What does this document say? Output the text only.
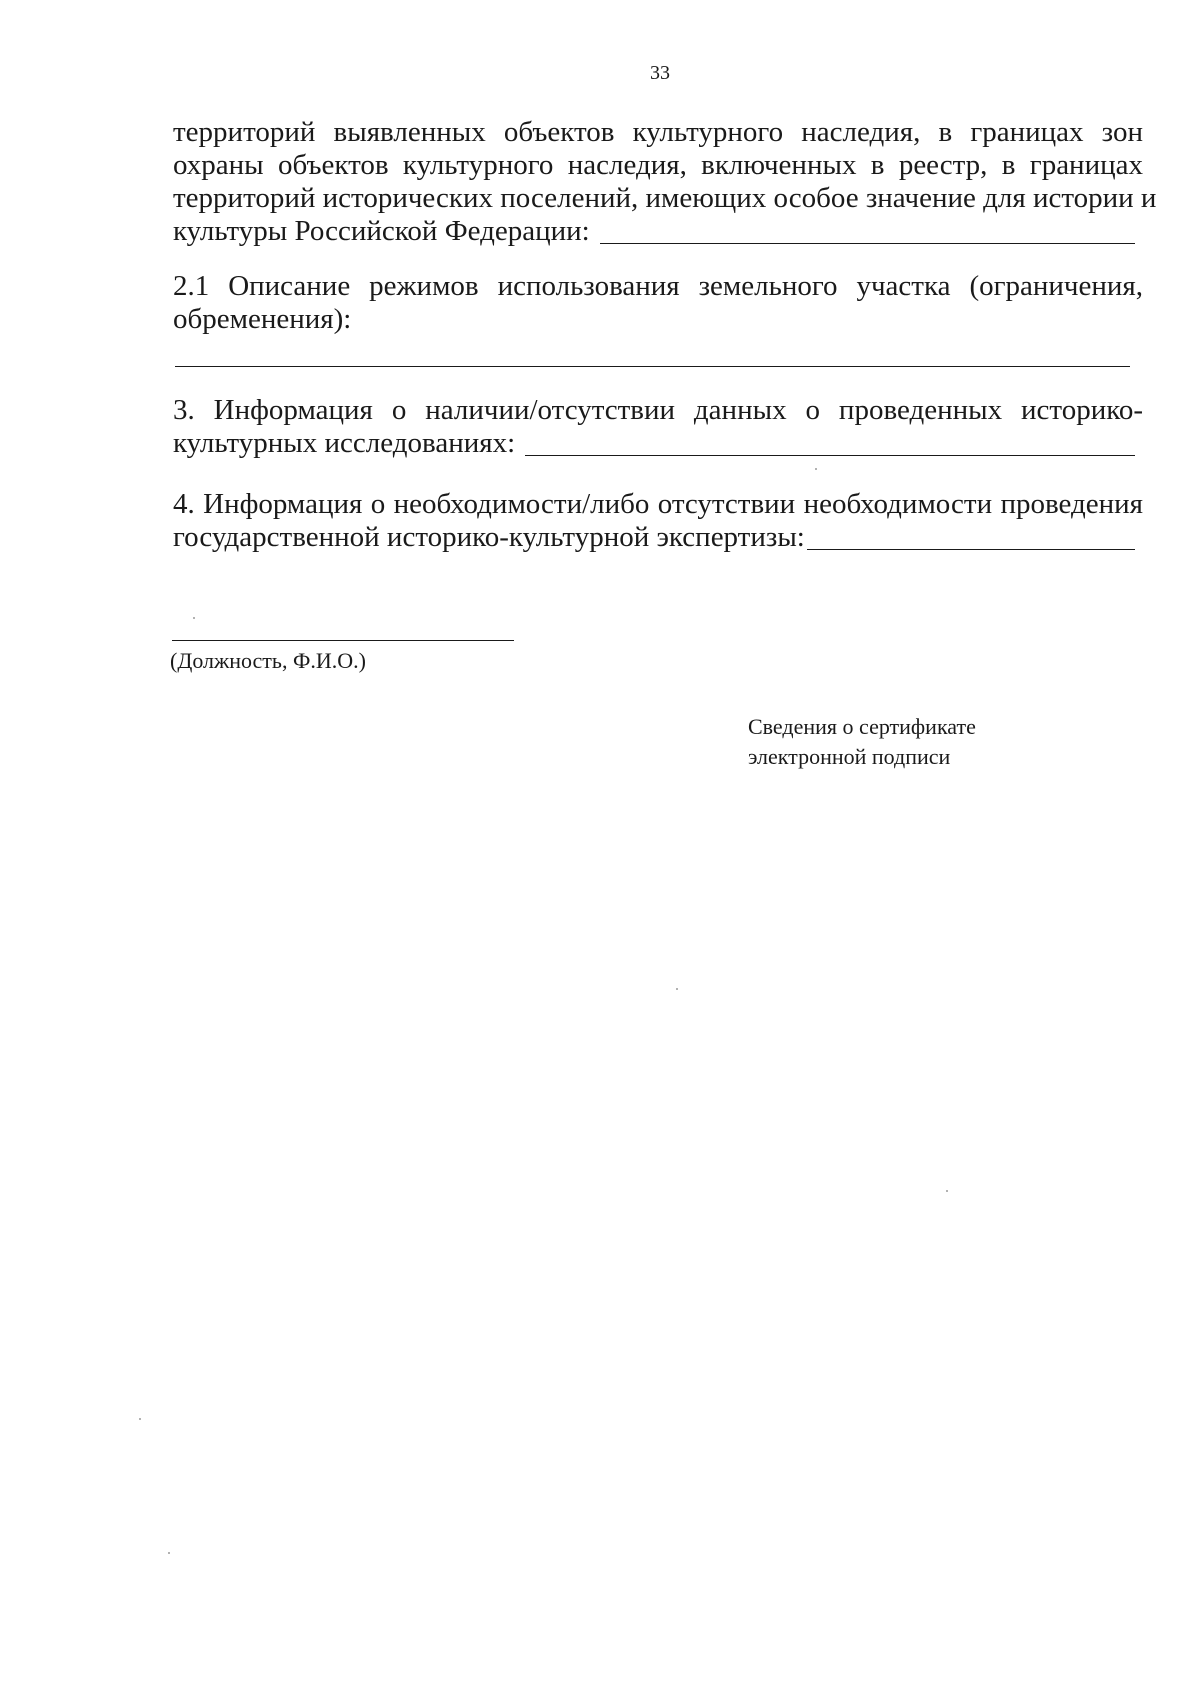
33
территорий выявленных объектов культурного наследия, в границах зон
охраны объектов культурного наследия, включенных в реестр, в границах
территорий исторических поселений, имеющих особое значение для истории и
культуры Российской Федерации:
2.1 Описание режимов использования земельного участка (ограничения,
обременения):
3. Информация о наличии/отсутствии данных о проведенных историко-
культурных исследованиях:
4. Информация о необходимости/либо отсутствии необходимости проведения
государственной историко-культурной экспертизы:
(Должность, Ф.И.О.)
Сведения о сертификате
электронной подписи
